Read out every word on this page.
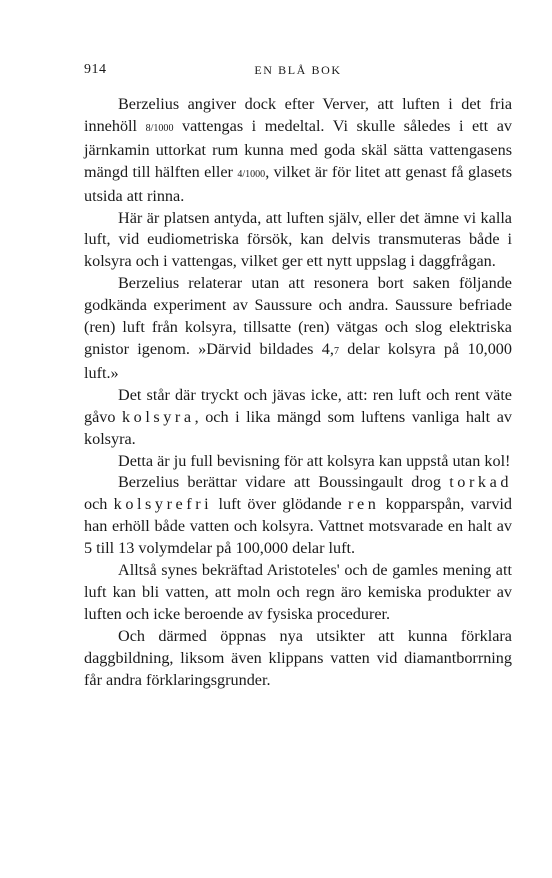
914	EN BLÅ BOK

Berzelius angiver dock efter Verver, att luften i det fria innehöll 8/1000 vattengas i medeltal. Vi skulle således i ett av järnkamin uttorkat rum kunna med goda skäl sätta vattengasens mängd till hälften eller 4/1000, vilket är för litet att genast få glasets utsida att rinna.

Här är platsen antyda, att luften själv, eller det ämne vi kalla luft, vid eudiometriska försök, kan delvis transmuteras både i kolsyra och i vattengas, vilket ger ett nytt uppslag i daggfrågan.

Berzelius relaterar utan att resonera bort saken följande godkända experiment av Saussure och andra. Saussure befriade (ren) luft från kolsyra, tillsatte (ren) vätgas och slog elektriska gnistor igenom. »Därvid bildades 4,7 delar kolsyra på 10,000 luft.»

Det står där tryckt och jävas icke, att: ren luft och rent väte gåvo kolsyra, och i lika mängd som luftens vanliga halt av kolsyra.

Detta är ju full bevisning för att kolsyra kan uppstå utan kol!

Berzelius berättar vidare att Boussingault drog torkad och kolsyrefri luft över glödande ren kopparspån, varvid han erhöll både vatten och kolsyra. Vattnet motsvarade en halt av 5 till 13 volymdelar på 100,000 delar luft.

Alltså synes bekräftad Aristoteles' och de gamles mening att luft kan bli vatten, att moln och regn äro kemiska produkter av luften och icke beroende av fysiska procedurer.

Och därmed öppnas nya utsikter att kunna förklara daggbildning, liksom även klippans vatten vid diamantborrning får andra förklaringsgrunder.
